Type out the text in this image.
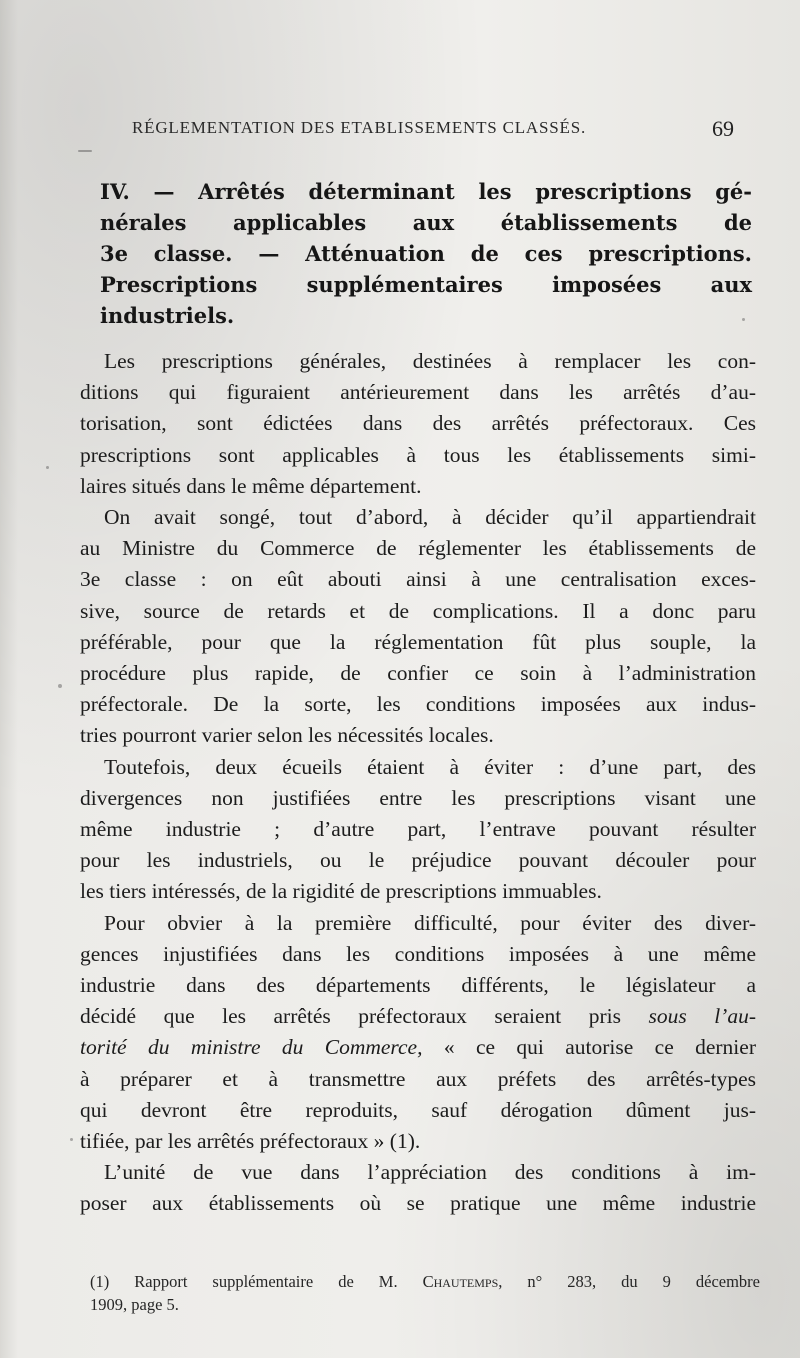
RÉGLEMENTATION DES ETABLISSEMENTS CLASSÉS.	69
IV. — Arrêtés déterminant les prescriptions gé-
nérales applicables aux établissements de
3e classe. — Atténuation de ces prescriptions.
Prescriptions supplémentaires imposées aux
industriels.

Les prescriptions générales, destinées à remplacer les con-
ditions qui figuraient antérieurement dans les arrêtés d’au-
torisation, sont édictées dans des arrêtés préfectoraux. Ces
prescriptions sont applicables à tous les établissements simi-
laires situés dans le même département.

On avait songé, tout d’abord, à décider qu’il appartiendrait
au Ministre du Commerce de réglementer les établissements de
3e classe : on eût abouti ainsi à une centralisation exces-
sive, source de retards et de complications. Il a donc paru
préférable, pour que la réglementation fût plus souple, la
procédure plus rapide, de confier ce soin à l’administration
préfectorale. De la sorte, les conditions imposées aux indus-
tries pourront varier selon les nécessités locales.

Toutefois, deux écueils étaient à éviter : d’une part, des
divergences non justifiées entre les prescriptions visant une
même industrie ; d’autre part, l’entrave pouvant résulter
pour les industriels, ou le préjudice pouvant découler pour
les tiers intéressés, de la rigidité de prescriptions immuables.

Pour obvier à la première difficulté, pour éviter des diver-
gences injustifiées dans les conditions imposées à une même
industrie dans des départements différents, le législateur a
décidé que les arrêtés préfectoraux seraient pris sous l’au-
torité du ministre du Commerce, « ce qui autorise ce dernier
à préparer et à transmettre aux préfets des arrêtés-types
qui devront être reproduits, sauf dérogation dûment jus-
tifiée, par les arrêtés préfectoraux » (1).

L’unité de vue dans l’appréciation des conditions à im-
poser aux établissements où se pratique une même industrie

(1) Rapport supplémentaire de M. Chautemps, n° 283, du 9 décembre
1909, page 5.
